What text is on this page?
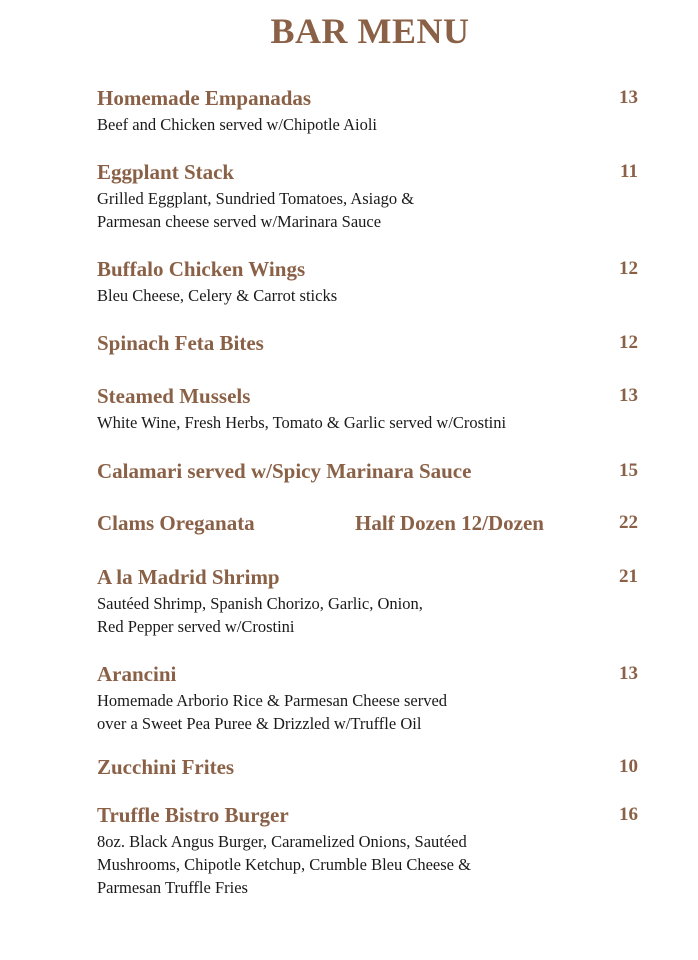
BAR MENU
Homemade Empanadas	13
Beef and Chicken served w/Chipotle Aioli
Eggplant Stack	11
Grilled Eggplant, Sundried Tomatoes, Asiago &
Parmesan cheese served w/Marinara Sauce
Buffalo Chicken Wings	12
Bleu Cheese, Celery & Carrot sticks
Spinach Feta Bites	12
Steamed Mussels	13
White Wine, Fresh Herbs, Tomato & Garlic served w/Crostini
Calamari served w/Spicy Marinara Sauce	15
Clams Oreganata	Half Dozen 12/Dozen	22
A la Madrid Shrimp	21
Sautéed Shrimp, Spanish Chorizo, Garlic, Onion,
Red Pepper served w/Crostini
Arancini	13
Homemade Arborio Rice & Parmesan Cheese served
over a Sweet Pea Puree & Drizzled w/Truffle Oil
Zucchini Frites	10
Truffle Bistro Burger	16
8oz. Black Angus Burger, Caramelized Onions, Sautéed
Mushrooms, Chipotle Ketchup, Crumble Bleu Cheese &
Parmesan Truffle Fries
